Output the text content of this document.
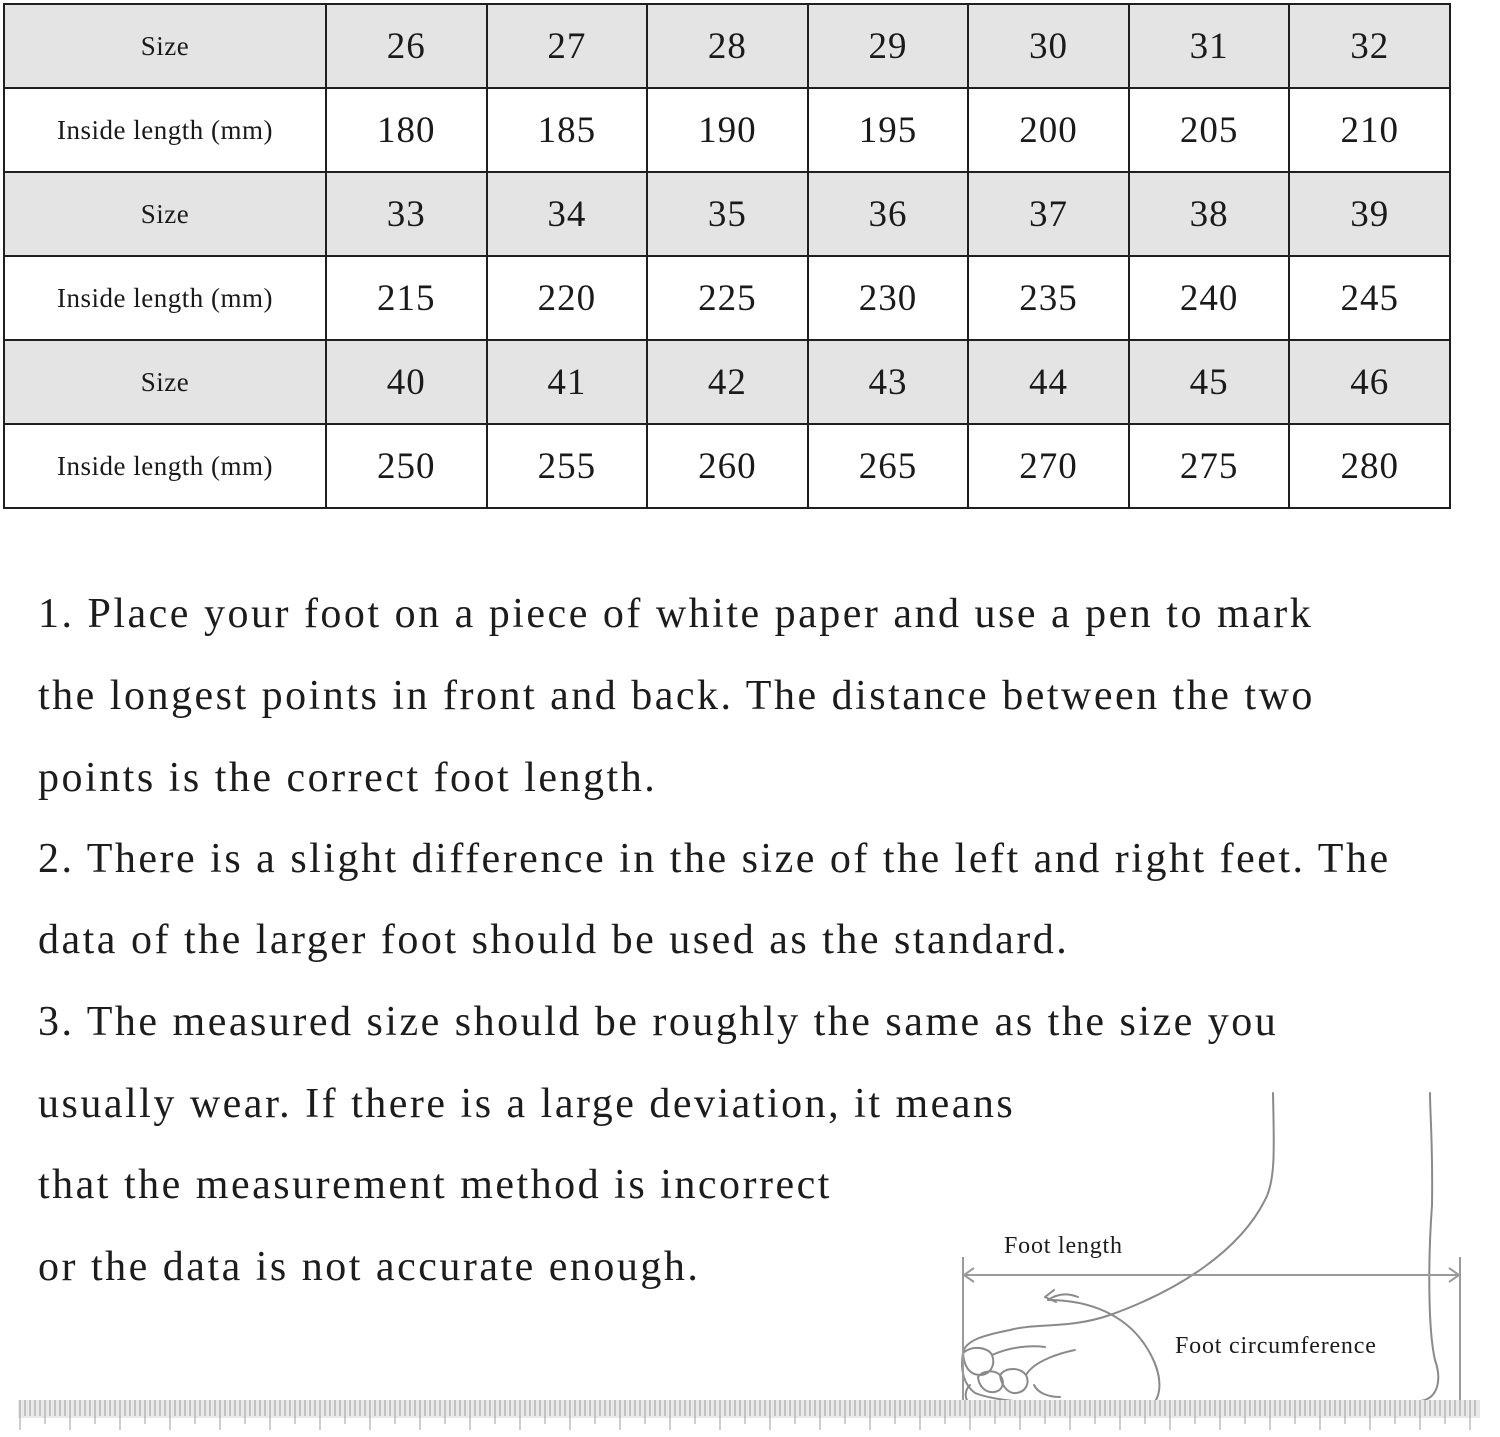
Size	26	27	28	29	30	31	32
Inside length (mm)	180	185	190	195	200	205	210
Size	33	34	35	36	37	38	39
Inside length (mm)	215	220	225	230	235	240	245
Size	40	41	42	43	44	45	46
Inside length (mm)	250	255	260	265	270	275	280

1. Place your foot on a piece of white paper and use a pen to mark

the longest points in front and back. The distance between the two

points is the correct foot length.

2. There is a slight difference in the size of the left and right feet. The

data of the larger foot should be used as the standard.

3. The measured size should be roughly the same as the size you

usually wear. If there is a large deviation, it means

that the measurement method is incorrect

or the data is not accurate enough.	Foot length
Foot circumference
